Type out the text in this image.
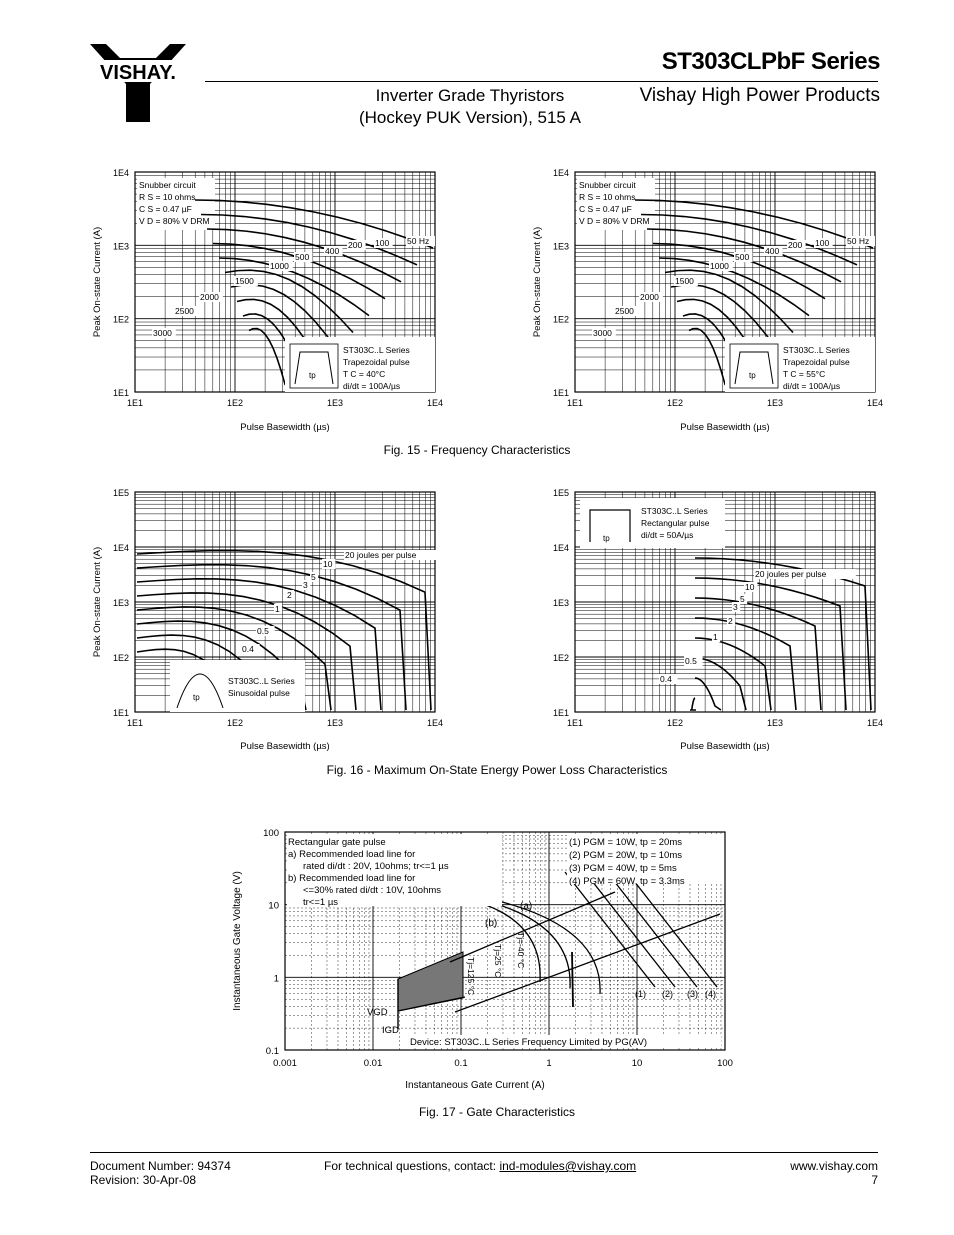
VISHAY.	ST303CLPbF Series
Inverter Grade Thyristors
(Hockey PUK Version), 515 A
Vishay High Power Products
1E4
1E3
1E2
1E1
1E1	1E2	1E3	1E4
Pulse Basewidth (µs)
Peak On-state Current (A)
Snubber circuit
R S = 10 ohms
C S = 0.47 µF
V D = 80% V DRM
50 Hz
100
200
400
500
1000
1500
2000
2500
3000
ST303C..L Series
Trapezoidal pulse
T C = 40°C
di/dt = 100A/µs
tp
1E4
1E3
1E2
1E1
1E1	1E2	1E3	1E4
Pulse Basewidth (µs)
Peak On-state Current (A)
Snubber circuit
R S = 10 ohms
C S = 0.47 µF
V D = 80% V DRM
50 Hz
100
200
400
500
1000
1500
2000
2500
3000
ST303C..L Series
Trapezoidal pulse
T C = 55°C
di/dt = 100A/µs
tp
Fig. 15 - Frequency Characteristics
1E5
1E4
1E3
1E2
1E1
1E1	1E2	1E3	1E4
Pulse Basewidth (µs)
Peak On-state Current (A)	20 joules per pulse
10
5
3
2
1
0.5
0.4
ST303C..L Series
Sinusoidal pulse
tp
1E5
1E4
1E3
1E2
1E1
1E1	1E2	1E3	1E4
Pulse Basewidth (µs)
20 joules per pulse
10
5
3
2
1
0.5
0.4
ST303C..L Series
Rectangular pulse
di/dt = 50A/µs
tp
Fig. 16 - Maximum On-State Energy Power Loss Characteristics
100
10
1
0.1
0.001	0.01	0.1	1	10	100
Instantaneous Gate Current (A)
Instantaneous Gate Voltage (V)
Rectangular gate pulse
a) Recommended load line for
rated di/dt : 20V, 10ohms; tr<=1 µs
b) Recommended load line for
<=30% rated di/dt : 10V, 10ohms
tr<=1 µs
(1) PGM = 10W, tp = 20ms
(2) PGM = 20W, tp = 10ms
(3) PGM = 40W, tp = 5ms
(4) PGM = 60W, tp = 3.3ms
(a)
(b)
Tj=-40 °C
Tj=25 °C
Tj=125 °C
VGD
IGD
(1) (2) (3) (4)
Device: ST303C..L Series Frequency Limited by PG(AV)
Fig. 17 - Gate Characteristics
Document Number: 94374
Revision: 30-Apr-08
For technical questions, contact: ind-modules@vishay.com	www.vishay.com
7
